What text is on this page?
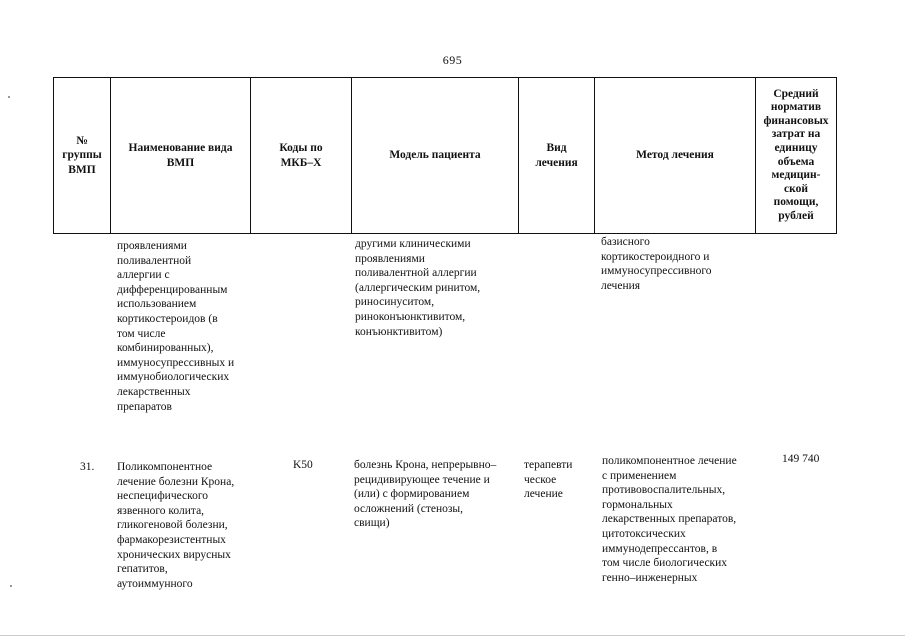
695
№
группы
ВМП
Наименование вида
ВМП
Коды по
МКБ–Х
Модель пациента
Вид
лечения
Метод лечения
Средний
норматив
финансовых
затрат на
единицу
объема
медицин-
ской
помощи,
рублей
проявлениями
поливалентной
аллергии с
дифференцированным
использованием
кортикостероидов (в
том числе
комбинированных),
иммуносупрессивных и
иммунобиологических
лекарственных
препаратов
другими клиническими
проявлениями
поливалентной аллергии
(аллергическим ринитом,
риносинуситом,
риноконъюнктивитом,
конъюнктивитом)
базисного
кортикостероидного и
иммуносупрессивного
лечения
31. Поликомпонентное
лечение болезни Крона,
неспецифического
язвенного колита,
гликогеновой болезни,
фармакорезистентных
хронических вирусных
гепатитов,
аутоиммунного
K50	болезнь Крона, непрерывно–
рецидивирующее течение и
(или) с формированием
осложнений (стенозы,
свищи)
терапевти
ческое
лечение
поликомпонентное лечение
с применением
противовоспалительных,
гормональных
лекарственных препаратов,
цитотоксических
иммунодепрессантов, в
том числе биологических
генно–инженерных
149 740
